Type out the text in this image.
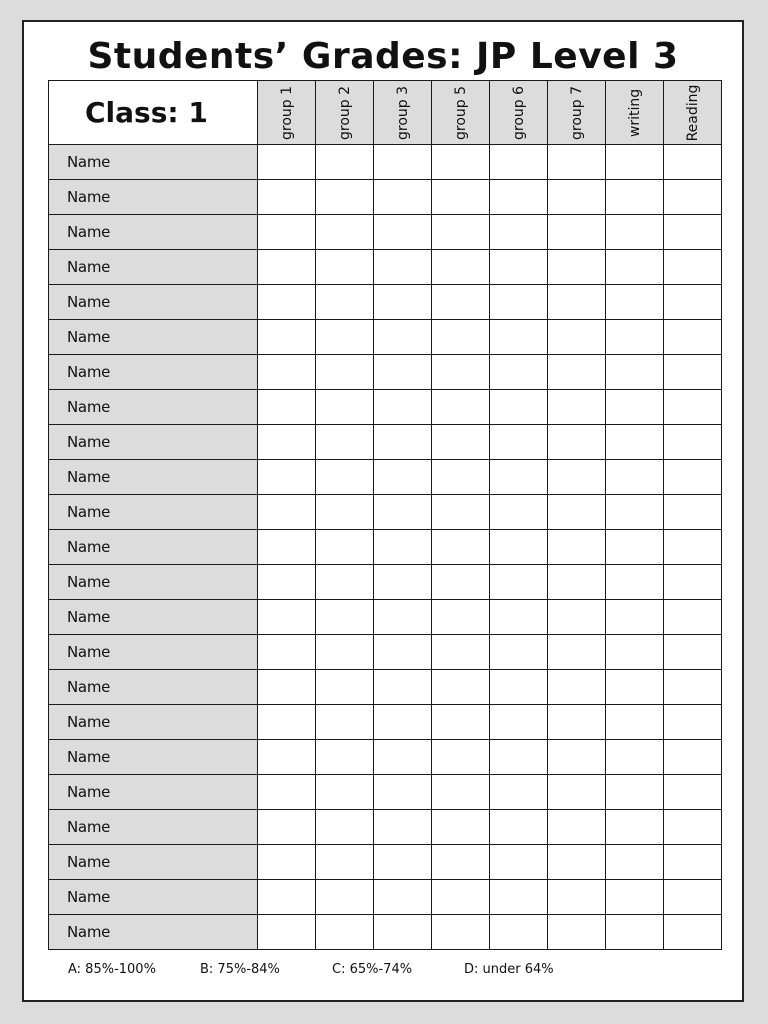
Students’ Grades: JP Level 3
Class: 1	group 1	group 2	group 3	group 5	group 6	group 7	writing	Reading

Name								
Name								
Name								
Name								
Name								
Name								
Name								
Name								
Name								
Name								
Name								
Name								
Name								
Name								
Name								
Name								
Name								
Name								
Name								
Name								
Name								
Name								
Name								
A: 85%-100%	B: 75%-84%	C: 65%-74%	D: under 64%
